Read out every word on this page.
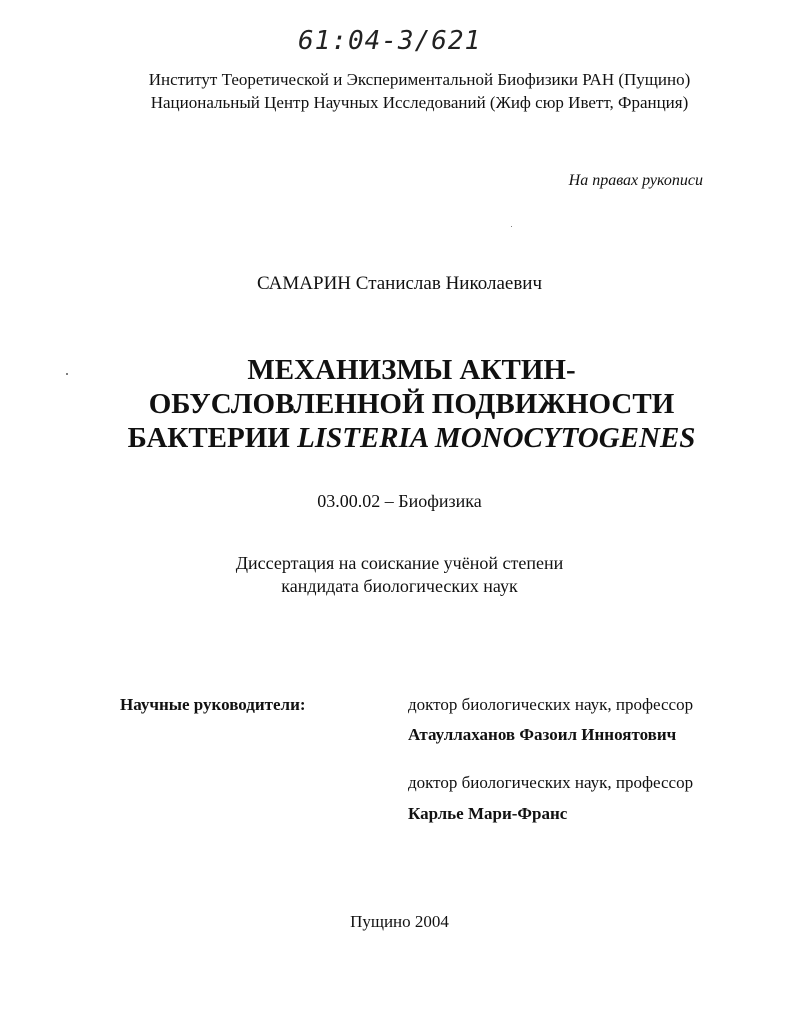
61:04-3/621
Институт Теоретической и Экспериментальной Биофизики РАН (Пущино)
Национальный Центр Научных Исследований (Жиф сюр Иветт, Франция)
На правах рукописи
САМАРИН Станислав Николаевич
МЕХАНИЗМЫ АКТИН-
ОБУСЛОВЛЕННОЙ ПОДВИЖНОСТИ
БАКТЕРИИ LISTERIA MONOCYTOGENES
03.00.02 – Биофизика
Диссертация на соискание учёной степени
кандидата биологических наук
Научные руководители:	доктор биологических наук, профессор
Атауллаханов Фазоил Инноятович
доктор биологических наук, профессор
Карлье Мари-Франс
Пущино 2004
